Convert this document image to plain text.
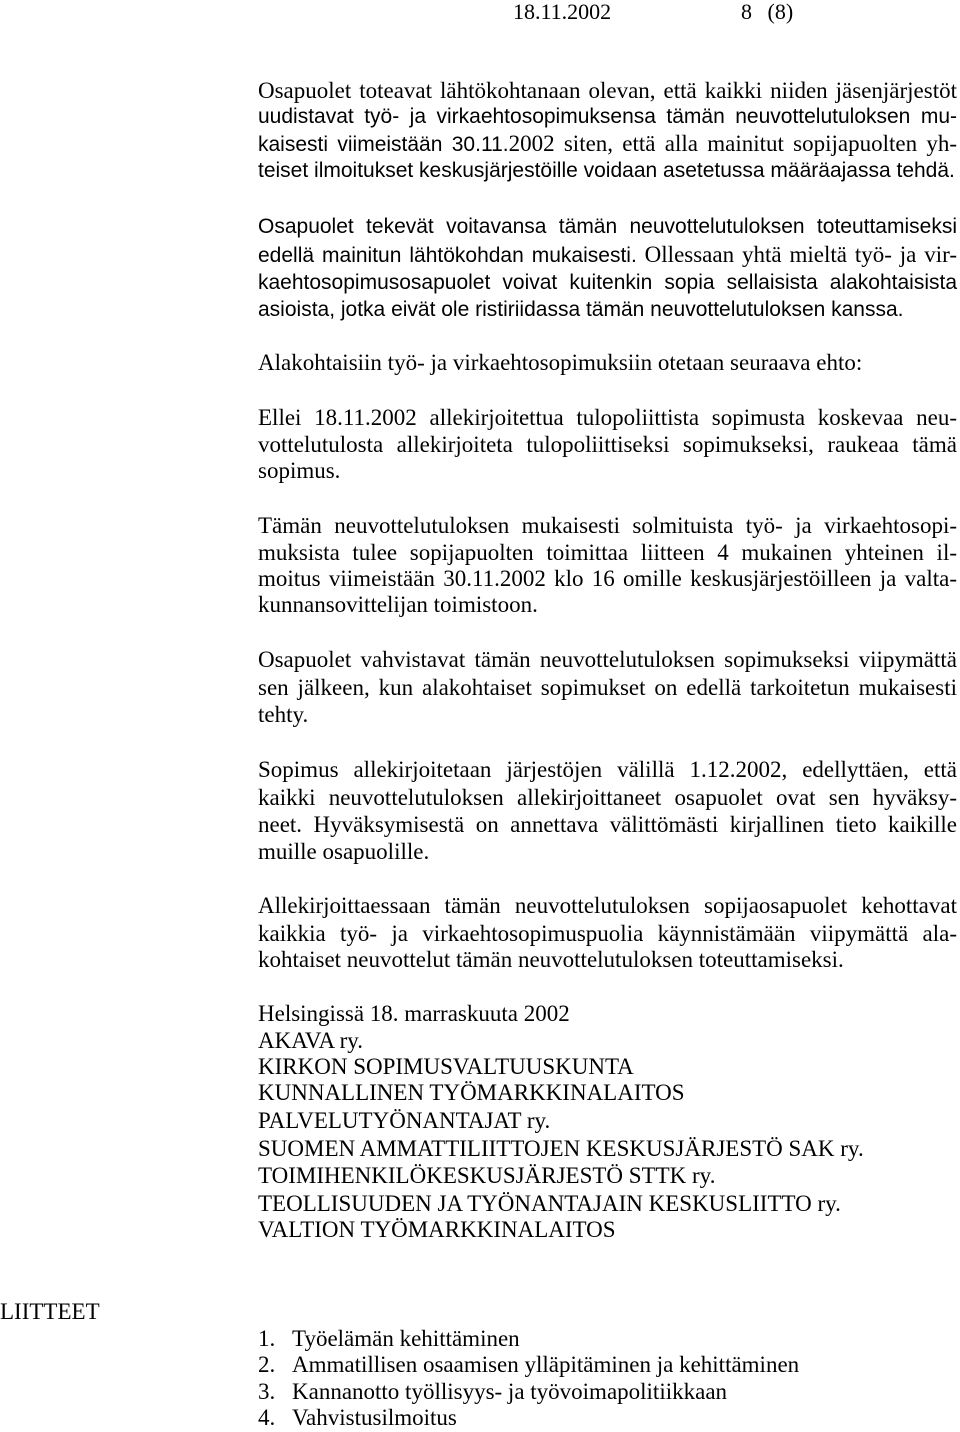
18.11.2002	8 (8)
Osapuolet toteavat lähtökohtanaan olevan, että kaikki niiden jäsenjärjestöt
uudistavat työ- ja virkaehtosopimuksensa tämän neuvottelutuloksen mu-
kaisesti viimeistään 30.11.2002 siten, että alla mainitut sopijapuolten yh-
teiset ilmoitukset keskusjärjestöille voidaan asetetussa määräajassa tehdä.
Osapuolet tekevät voitavansa tämän neuvottelutuloksen toteuttamiseksi
edellä mainitun lähtökohdan mukaisesti. Ollessaan yhtä mieltä työ- ja vir-
kaehtosopimusosapuolet voivat kuitenkin sopia sellaisista alakohtaisista
asioista, jotka eivät ole ristiriidassa tämän neuvottelutuloksen kanssa.
Alakohtaisiin työ- ja virkaehtosopimuksiin otetaan seuraava ehto:
Ellei 18.11.2002 allekirjoitettua tulopoliittista sopimusta koskevaa neu-
vottelutulosta allekirjoiteta tulopoliittiseksi sopimukseksi, raukeaa tämä
sopimus.
Tämän neuvottelutuloksen mukaisesti solmituista työ- ja virkaehtosopi-
muksista tulee sopijapuolten toimittaa liitteen 4 mukainen yhteinen il-
moitus viimeistään 30.11.2002 klo 16 omille keskusjärjestöilleen ja valta-
kunnansovittelijan toimistoon.
Osapuolet vahvistavat tämän neuvottelutuloksen sopimukseksi viipymättä
sen jälkeen, kun alakohtaiset sopimukset on edellä tarkoitetun mukaisesti
tehty.
Sopimus allekirjoitetaan järjestöjen välillä 1.12.2002, edellyttäen, että
kaikki neuvottelutuloksen allekirjoittaneet osapuolet ovat sen hyväksy-
neet. Hyväksymisestä on annettava välittömästi kirjallinen tieto kaikille
muille osapuolille.
Allekirjoittaessaan tämän neuvottelutuloksen sopijaosapuolet kehottavat
kaikkia työ- ja virkaehtosopimuspuolia käynnistämään viipymättä ala-
kohtaiset neuvottelut tämän neuvottelutuloksen toteuttamiseksi.
Helsingissä 18. marraskuuta 2002
AKAVA ry.
KIRKON SOPIMUSVALTUUSKUNTA
KUNNALLINEN TYÖMARKKINALAITOS
PALVELUTYÖNANTAJAT ry.
SUOMEN AMMATTILIITTOJEN KESKUSJÄRJESTÖ SAK ry.
TOIMIHENKILÖKESKUSJÄRJESTÖ STTK ry.
TEOLLISUUDEN JA TYÖNANTAJAIN KESKUSLIITTO ry.
VALTION TYÖMARKKINALAITOS
LIITTEET
1. Työelämän kehittäminen
2. Ammatillisen osaamisen ylläpitäminen ja kehittäminen
3. Kannanotto työllisyys- ja työvoimapolitiikkaan
4. Vahvistusilmoitus
